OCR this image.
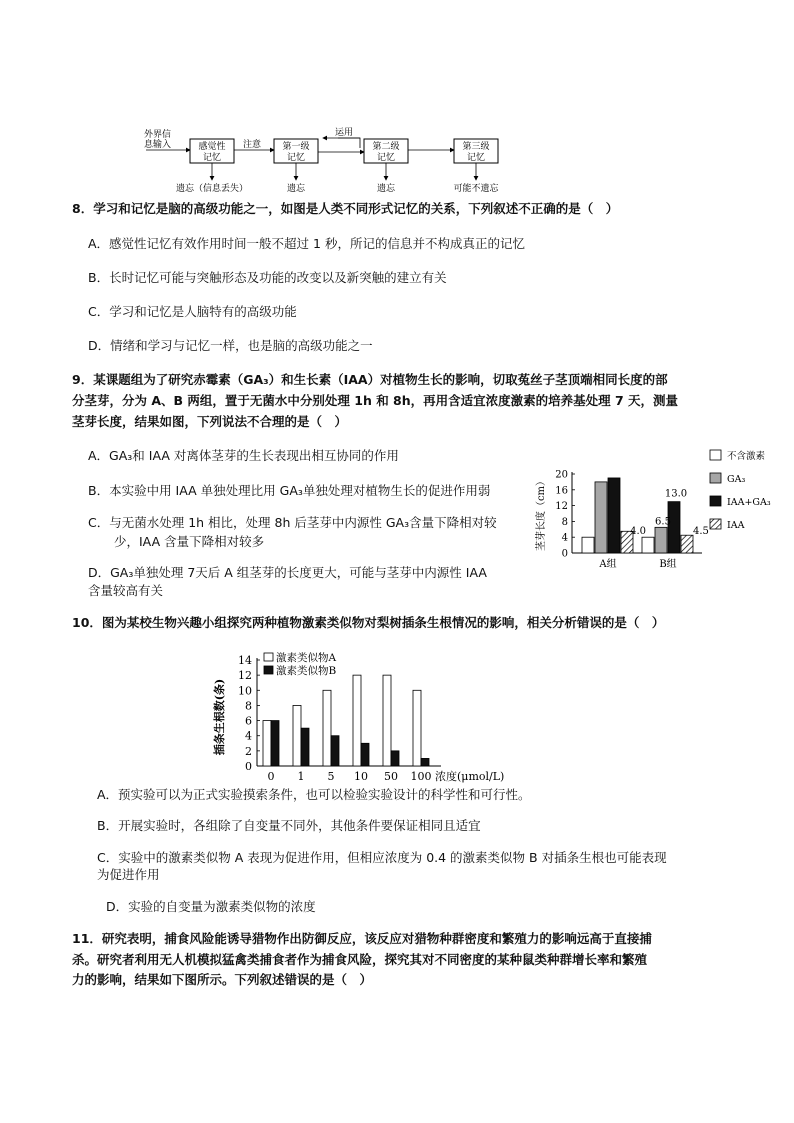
外界信
息输入	感觉性
记忆
注意 第一级
记忆
运用
第二级
记忆
第三级
记忆
遗忘（信息丢失）	遗忘	遗忘	可能不遗忘
8．学习和记忆是脑的高级功能之一，如图是人类不同形式记忆的关系，下列叙述不正确的是（　）
A．感觉性记忆有效作用时间一般不超过 1 秒，所记的信息并不构成真正的记忆
B．长时记忆可能与突触形态及功能的改变以及新突触的建立有关
C．学习和记忆是人脑特有的高级功能
D．情绪和学习与记忆一样，也是脑的高级功能之一
9．某课题组为了研究赤霉素（GA₃）和生长素（IAA）对植物生长的影响，切取菟丝子茎顶端相同长度的部
分茎芽，分为 A、B 两组，置于无菌水中分别处理 1h 和 8h，再用含适宜浓度激素的培养基处理 7 天，测量
茎芽长度，结果如图，下列说法不合理的是（　）
A．GA₃和 IAA 对离体茎芽的生长表现出相互协同的作用
B．本实验中用 IAA 单独处理比用 GA₃单独处理对植物生长的促进作用弱
C．与无菌水处理 1h 相比，处理 8h 后茎芽中内源性 GA₃含量下降相对较
少，IAA 含量下降相对较多
D．GA₃单独处理 7天后 A 组茎芽的长度更大，可能与茎芽中内源性 IAA
含量较高有关
0
4
8
12
16
20
茎芽长度（cm）
A组	B组
4.0
6.5
13.0
4.5
不含激素
GA₃
IAA+GA₃
IAA
10．图为某校生物兴趣小组探究两种植物激素类似物对梨树插条生根情况的影响，相关分析错误的是（　）
0
2
4
6
8
10
12
14
插条生根数(条)
0 1 5 10 50 100 浓度(μmol/L)
激素类似物A
激素类似物B
A．预实验可以为正式实验摸索条件，也可以检验实验设计的科学性和可行性。
B．开展实验时，各组除了自变量不同外，其他条件要保证相同且适宜
C．实验中的激素类似物 A 表现为促进作用，但相应浓度为 0.4 的激素类似物 B 对插条生根也可能表现
为促进作用
D．实验的自变量为激素类似物的浓度
11．研究表明，捕食风险能诱导猎物作出防御反应，该反应对猎物种群密度和繁殖力的影响远高于直接捕
杀。研究者利用无人机模拟猛禽类捕食者作为捕食风险，探究其对不同密度的某种鼠类种群增长率和繁殖
力的影响，结果如下图所示。下列叙述错误的是（　）
